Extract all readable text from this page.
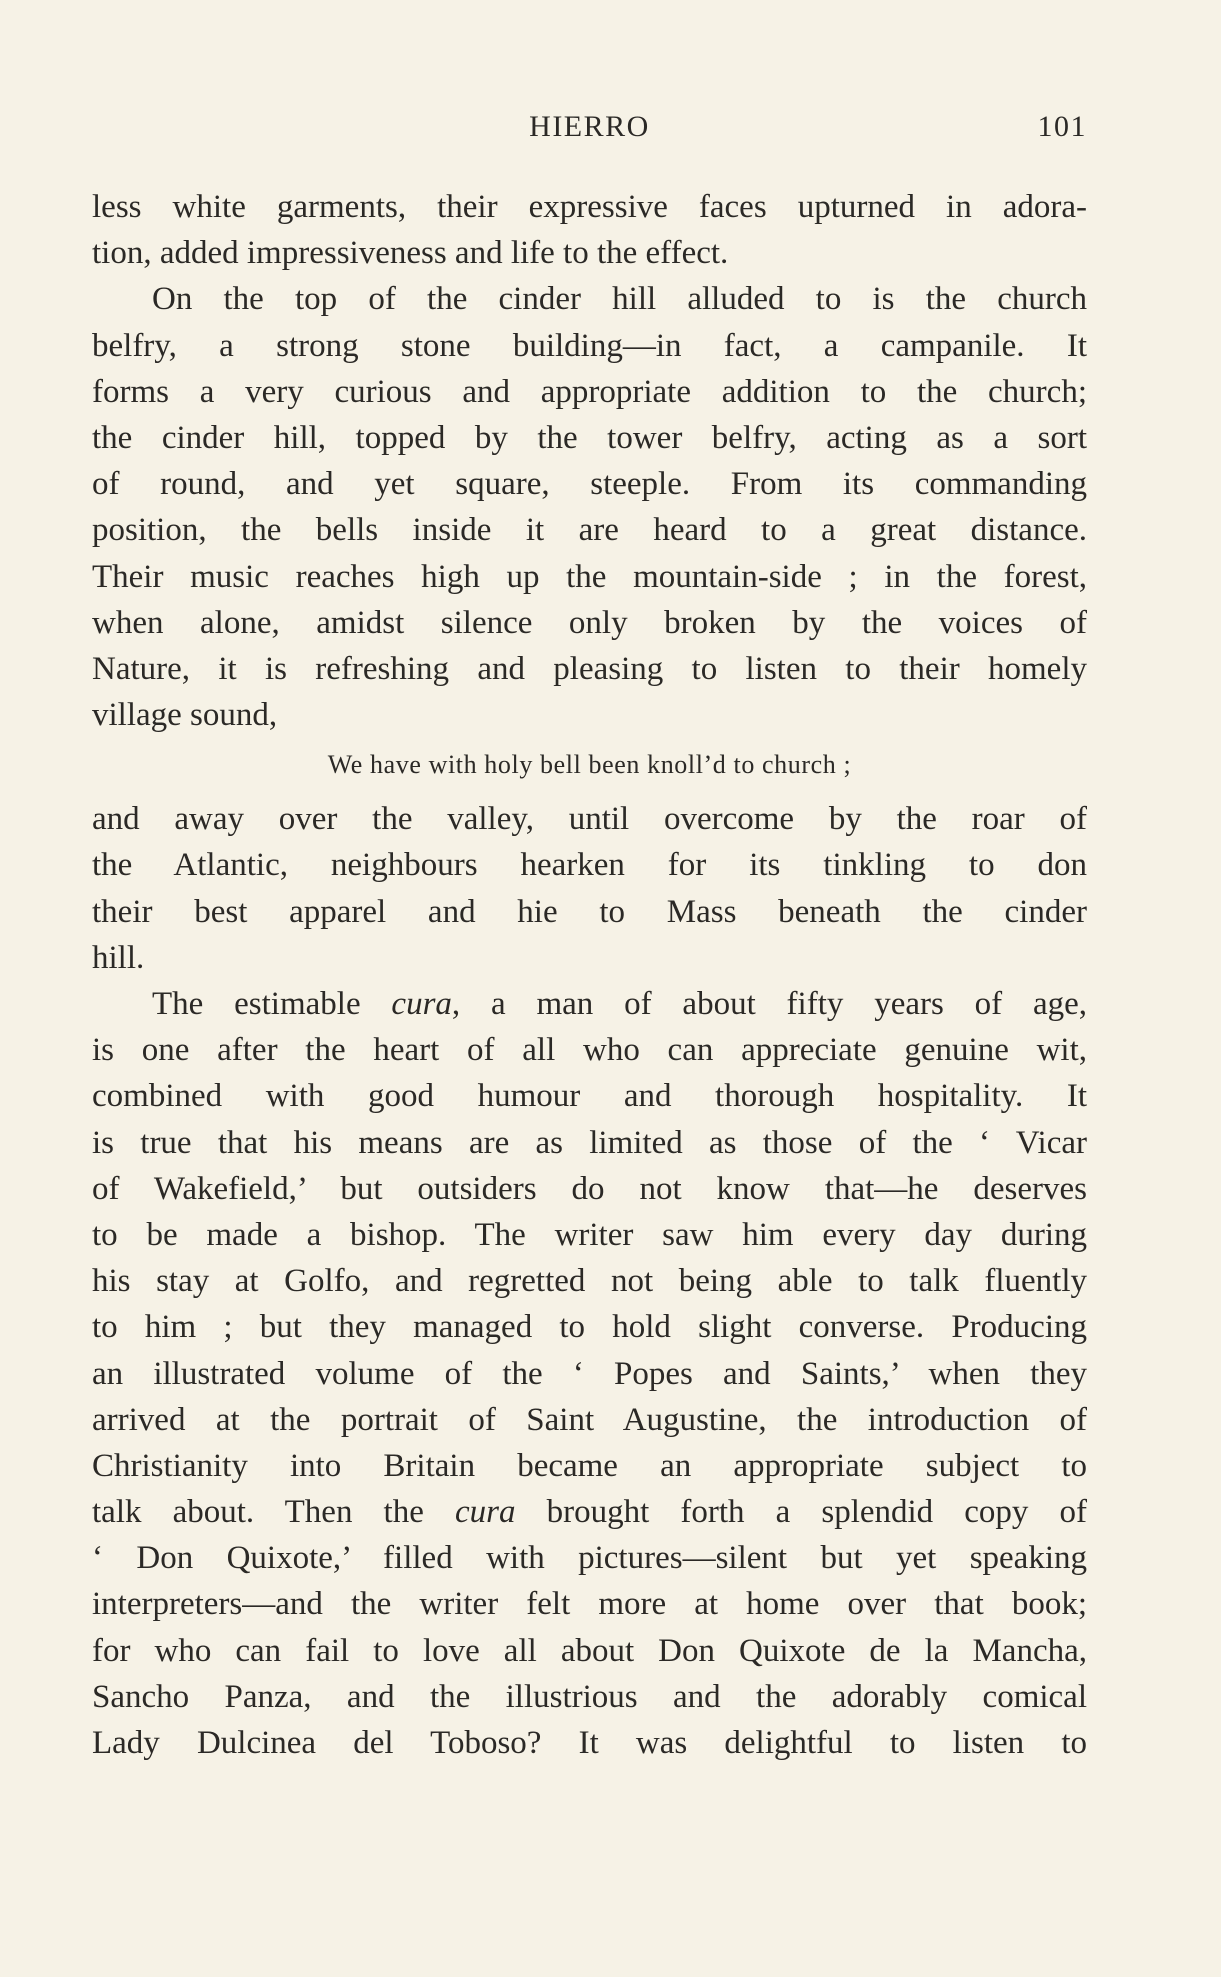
HIERRO	101
less white garments, their expressive faces upturned in adora-
tion, added impressiveness and life to the effect.
On the top of the cinder hill alluded to is the church
belfry, a strong stone building—in fact, a campanile. It
forms a very curious and appropriate addition to the church;
the cinder hill, topped by the tower belfry, acting as a sort
of round, and yet square, steeple. From its commanding
position, the bells inside it are heard to a great distance.
Their music reaches high up the mountain-side ; in the forest,
when alone, amidst silence only broken by the voices of
Nature, it is refreshing and pleasing to listen to their homely
village sound,
We have with holy bell been knoll’d to church ;
and away over the valley, until overcome by the roar of
the Atlantic, neighbours hearken for its tinkling to don
their best apparel and hie to Mass beneath the cinder
hill.
The estimable cura, a man of about fifty years of age,
is one after the heart of all who can appreciate genuine wit,
combined with good humour and thorough hospitality. It
is true that his means are as limited as those of the ‘ Vicar
of Wakefield,’ but outsiders do not know that—he deserves
to be made a bishop. The writer saw him every day during
his stay at Golfo, and regretted not being able to talk fluently
to him ; but they managed to hold slight converse. Producing
an illustrated volume of the ‘ Popes and Saints,’ when they
arrived at the portrait of Saint Augustine, the introduction of
Christianity into Britain became an appropriate subject to
talk about. Then the cura brought forth a splendid copy of
‘ Don Quixote,’ filled with pictures—silent but yet speaking
interpreters—and the writer felt more at home over that book;
for who can fail to love all about Don Quixote de la Mancha,
Sancho Panza, and the illustrious and the adorably comical
Lady Dulcinea del Toboso? It was delightful to listen to
